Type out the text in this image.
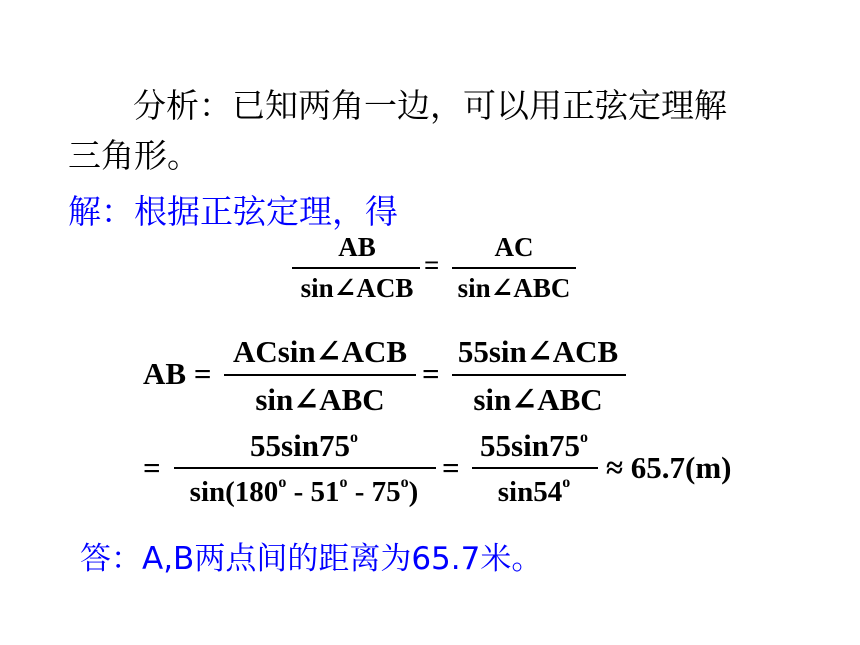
分析：已知两角一边，可以用正弦定理解
三角形。
解：根据正弦定理，得
AB
sin∠ACB
=
AC
sin∠ABC
AB =
ACsin∠ACB
sin∠ABC
=
55sin∠ACB
sin∠ABC
=
$55\sin 75^o$
$\sin(180^o - 51^o - 75^o)$
=
$55\sin 75^o$
$\sin 54^o$	≈ 65.7(m)
答：A,B两点间的距离为65.7米。
